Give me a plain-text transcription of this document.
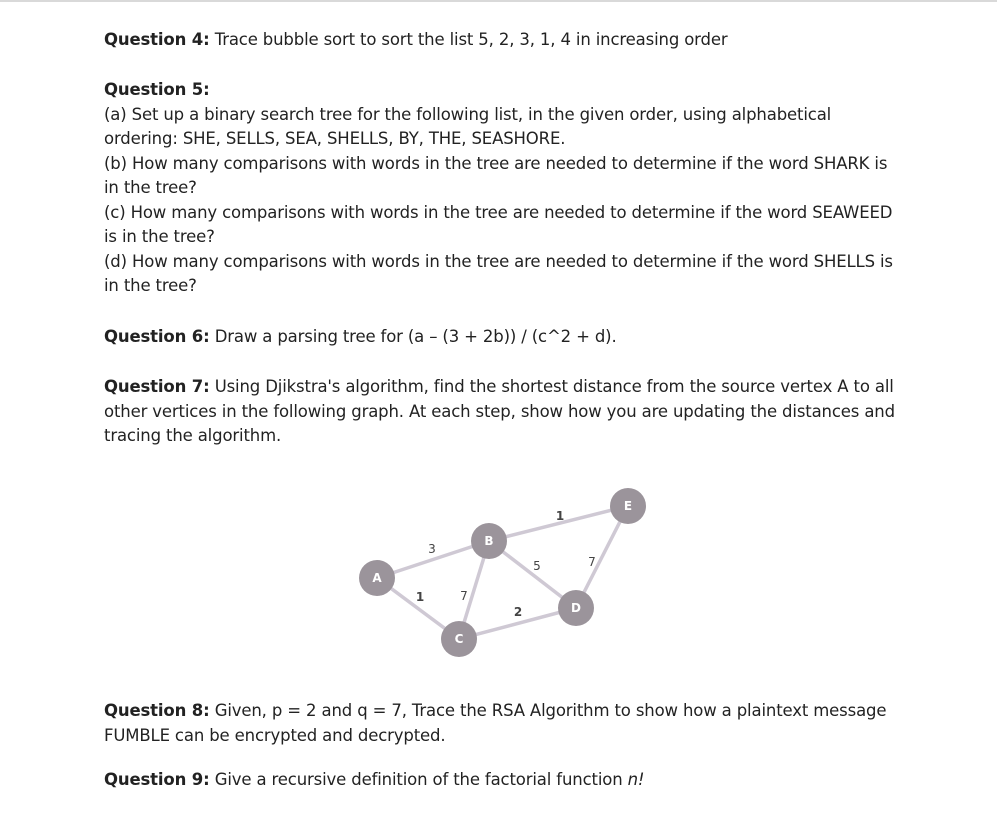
Question 4: Trace bubble sort to sort the list 5, 2, 3, 1, 4 in increasing order

Question 5:

(a) Set up a binary search tree for the following list, in the given order, using alphabetical ordering: SHE, SELLS, SEA, SHELLS, BY, THE, SEASHORE.

(b) How many comparisons with words in the tree are needed to determine if the word SHARK is in the tree?

(c) How many comparisons with words in the tree are needed to determine if the word SEAWEED is in the tree?

(d) How many comparisons with words in the tree are needed to determine if the word SHELLS is in the tree?

Question 6: Draw a parsing tree for (a – (3 + 2b)) / (c^2 + d).

Question 7: Using Djikstra's algorithm, find the shortest distance from the source vertex A to all other vertices in the following graph. At each step, show how you are updating the distances and tracing the algorithm.

A
B
C
D
E
3
1	7
5
1
2
7

Question 8: Given, p = 2 and q = 7, Trace the RSA Algorithm to show how a plaintext message FUMBLE can be encrypted and decrypted.

Question 9: Give a recursive definition of the factorial function n!
